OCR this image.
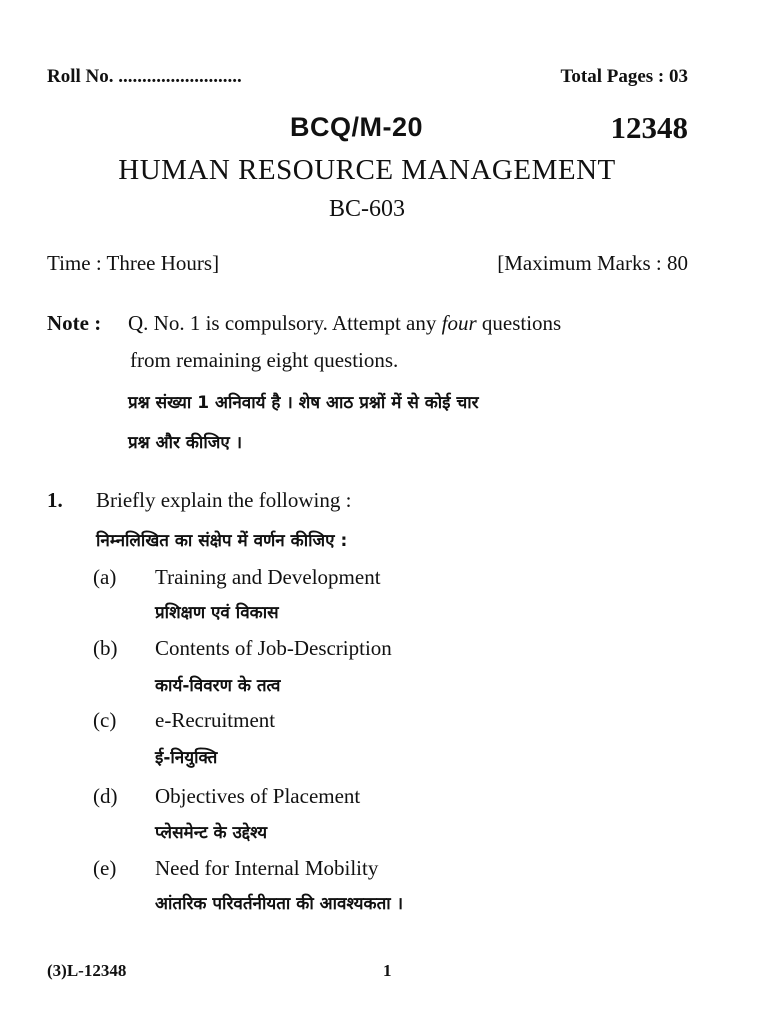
Roll No. ..........................	Total Pages : 03
BCQ/M-20	12348
HUMAN RESOURCE MANAGEMENT
BC-603
Time : Three Hours]	[Maximum Marks : 80
Note : Q. No. 1 is compulsory. Attempt any four questions
from remaining eight questions.
प्रश्न संख्या 1 अनिवार्य है । शेष आठ प्रश्नों में से कोई चार
प्रश्न और कीजिए ।
1. Briefly explain the following :
निम्नलिखित का संक्षेप में वर्णन कीजिए :
(a) Training and Development
प्रशिक्षण एवं विकास
(b) Contents of Job-Description
कार्य-विवरण के तत्व
(c) e-Recruitment
ई-नियुक्ति
(d) Objectives of Placement
प्लेसमेन्ट के उद्देश्य
(e) Need for Internal Mobility
आंतरिक परिवर्तनीयता की आवश्यकता ।
(3)L-12348	1
